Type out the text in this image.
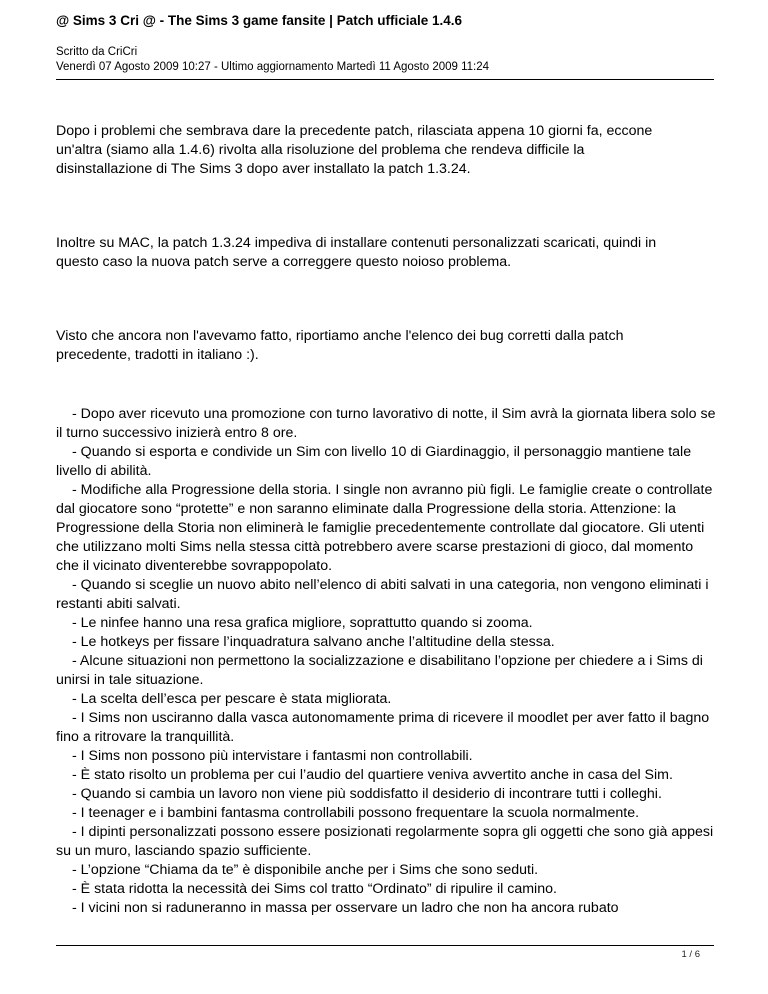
@ Sims 3 Cri @ - The Sims 3 game fansite | Patch ufficiale 1.4.6
Scritto da CriCri
Venerdì 07 Agosto 2009 10:27 - Ultimo aggiornamento Martedì 11 Agosto 2009 11:24

Dopo i problemi che sembrava dare la precedente patch, rilasciata appena 10 giorni fa, eccone
un'altra (siamo alla 1.4.6) rivolta alla risoluzione del problema che rendeva difficile la
disinstallazione di The Sims 3 dopo aver installato la patch 1.3.24.

Inoltre su MAC, la patch 1.3.24 impediva di installare contenuti personalizzati scaricati, quindi in
questo caso la nuova patch serve a correggere questo noioso problema.

Visto che ancora non l'avevamo fatto, riportiamo anche l'elenco dei bug corretti dalla patch
precedente, tradotti in italiano :).

- Dopo aver ricevuto una promozione con turno lavorativo di notte, il Sim avrà la giornata libera solo se il turno successivo inizierà entro 8 ore.

- Quando si esporta e condivide un Sim con livello 10 di Giardinaggio, il personaggio mantiene tale livello di abilità.

- Modifiche alla Progressione della storia. I single non avranno più figli. Le famiglie create o controllate dal giocatore sono “protette” e non saranno eliminate dalla Progressione della storia. Attenzione: la Progressione della Storia non eliminerà le famiglie precedentemente controllate dal giocatore. Gli utenti che utilizzano molti Sims nella stessa città potrebbero avere scarse prestazioni di gioco, dal momento che il vicinato diventerebbe sovrappopolato.

- Quando si sceglie un nuovo abito nell’elenco di abiti salvati in una categoria, non vengono eliminati i restanti abiti salvati.

- Le ninfee hanno una resa grafica migliore, soprattutto quando si zooma.

- Le hotkeys per fissare l’inquadratura salvano anche l’altitudine della stessa.

- Alcune situazioni non permettono la socializzazione e disabilitano l’opzione per chiedere a i Sims di unirsi in tale situazione.

- La scelta dell’esca per pescare è stata migliorata.

- I Sims non usciranno dalla vasca autonomamente prima di ricevere il moodlet per aver fatto il bagno fino a ritrovare la tranquillità.

- I Sims non possono più intervistare i fantasmi non controllabili.

- È stato risolto un problema per cui l’audio del quartiere veniva avvertito anche in casa del Sim.

- Quando si cambia un lavoro non viene più soddisfatto il desiderio di incontrare tutti i colleghi.

- I teenager e i bambini fantasma controllabili possono frequentare la scuola normalmente.

- I dipinti personalizzati possono essere posizionati regolarmente sopra gli oggetti che sono già appesi su un muro, lasciando spazio sufficiente.

- L’opzione “Chiama da te” è disponibile anche per i Sims che sono seduti.

- È stata ridotta la necessità dei Sims col tratto “Ordinato” di ripulire il camino.

- I vicini non si raduneranno in massa per osservare un ladro che non ha ancora rubato

1 / 6
